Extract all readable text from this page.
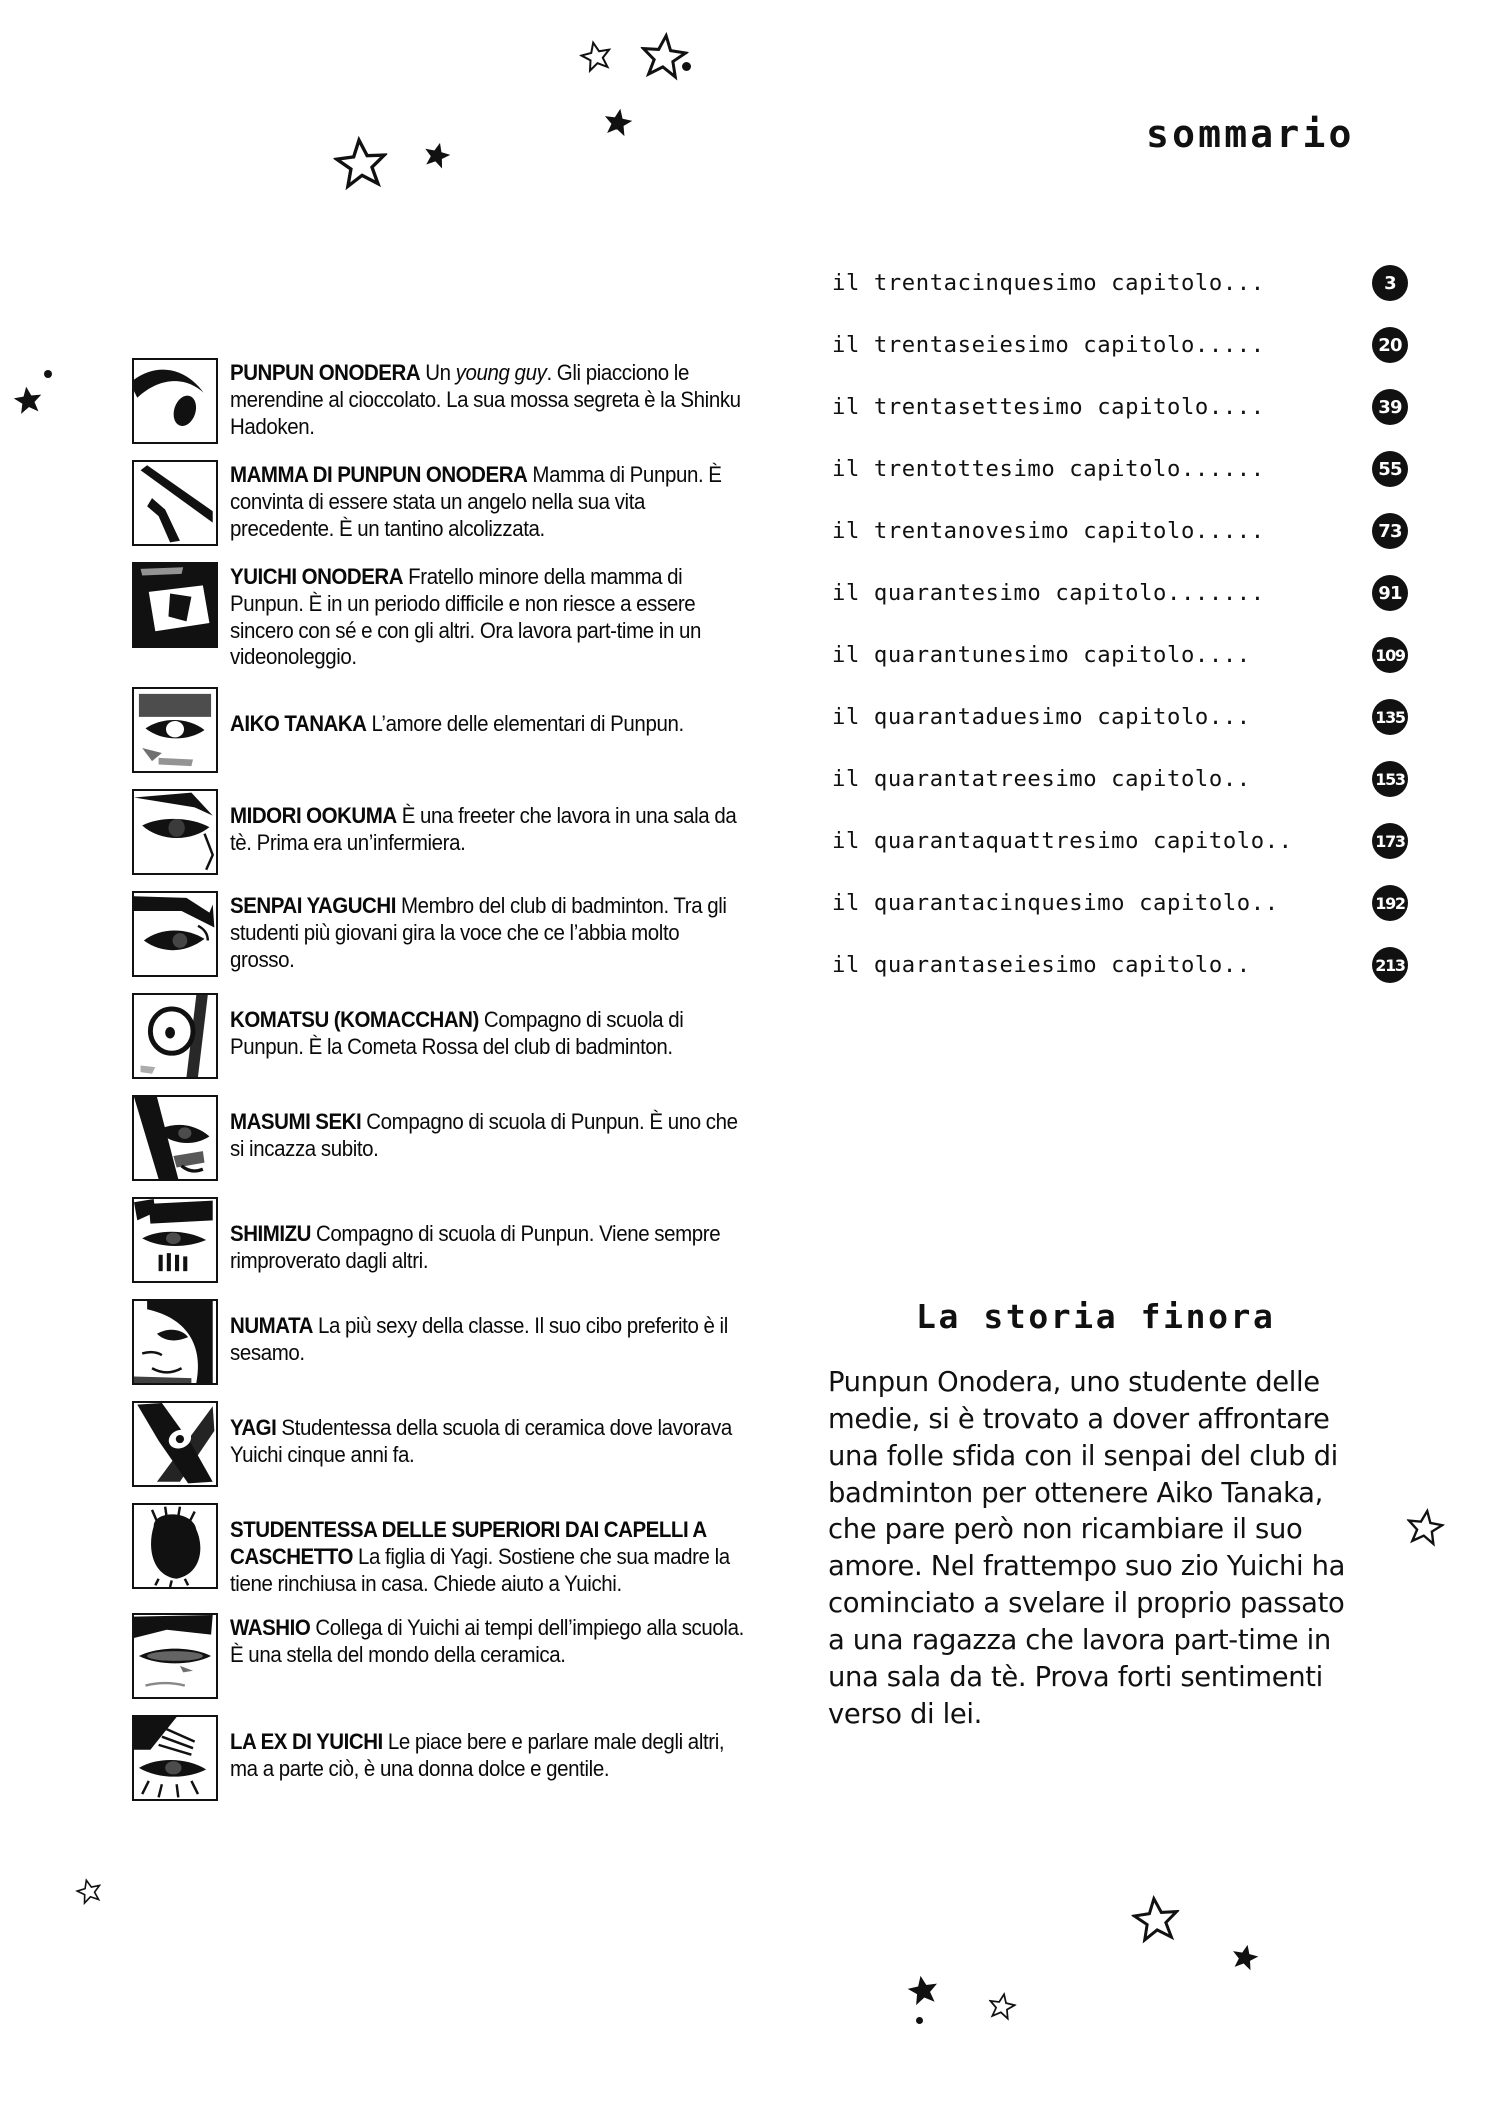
sommario
il trentacinquesimo capitolo ...	3
il trentaseiesimo capitolo .....	20
il trentasettesimo capitolo ....	39
il trentottesimo capitolo ......	55
il trentanovesimo capitolo .....	73
il quarantesimo capitolo .......	91
il quarantunesimo capitolo ....	109
il quarantaduesimo capitolo ...	135
il quarantatreesimo capitolo ..	153
il quarantaquattresimo capitolo ..	173
il quarantacinquesimo capitolo ..	192
il quarantaseiesimo capitolo ..	213
La storia finora
Punpun Onodera, uno studente delle medie, si è trovato a dover affrontare una folle sfida con il senpai del club di badminton per ottenere Aiko Tanaka, che pare però non ricambiare il suo amore. Nel frattempo suo zio Yuichi ha cominciato a svelare il proprio passato a una ragazza che lavora part-time in una sala da tè. Prova forti sentimenti verso di lei.
PUNPUN ONODERA Un young guy. Gli piacciono le merendine al cioccolato. La sua mossa segreta è la Shinku Hadoken.
MAMMA DI PUNPUN ONODERA Mamma di Punpun. È convinta di essere stata un angelo nella sua vita precedente. È un tantino alcolizzata.
YUICHI ONODERA Fratello minore della mamma di Punpun. È in un periodo difficile e non riesce a essere sincero con sé e con gli altri. Ora lavora part-time in un videonoleggio.
AIKO TANAKA L’amore delle elementari di Punpun.
MIDORI OOKUMA È una freeter che lavora in una sala da tè. Prima era un’infermiera.
SENPAI YAGUCHI Membro del club di badminton. Tra gli studenti più giovani gira la voce che ce l’abbia molto grosso.
KOMATSU (KOMACCHAN) Compagno di scuola di Punpun. È la Cometa Rossa del club di badminton.
MASUMI SEKI Compagno di scuola di Punpun. È uno che si incazza subito.
SHIMIZU Compagno di scuola di Punpun. Viene sempre rimproverato dagli altri.
NUMATA La più sexy della classe. Il suo cibo preferito è il sesamo.
YAGI Studentessa della scuola di ceramica dove lavorava Yuichi cinque anni fa.
STUDENTESSA DELLE SUPERIORI DAI CAPELLI A CASCHETTO La figlia di Yagi. Sostiene che sua madre la tiene rinchiusa in casa. Chiede aiuto a Yuichi.
WASHIO Collega di Yuichi ai tempi dell’impiego alla scuola. È una stella del mondo della ceramica.
LA EX DI YUICHI Le piace bere e parlare male degli altri, ma a parte ciò, è una donna dolce e gentile.
